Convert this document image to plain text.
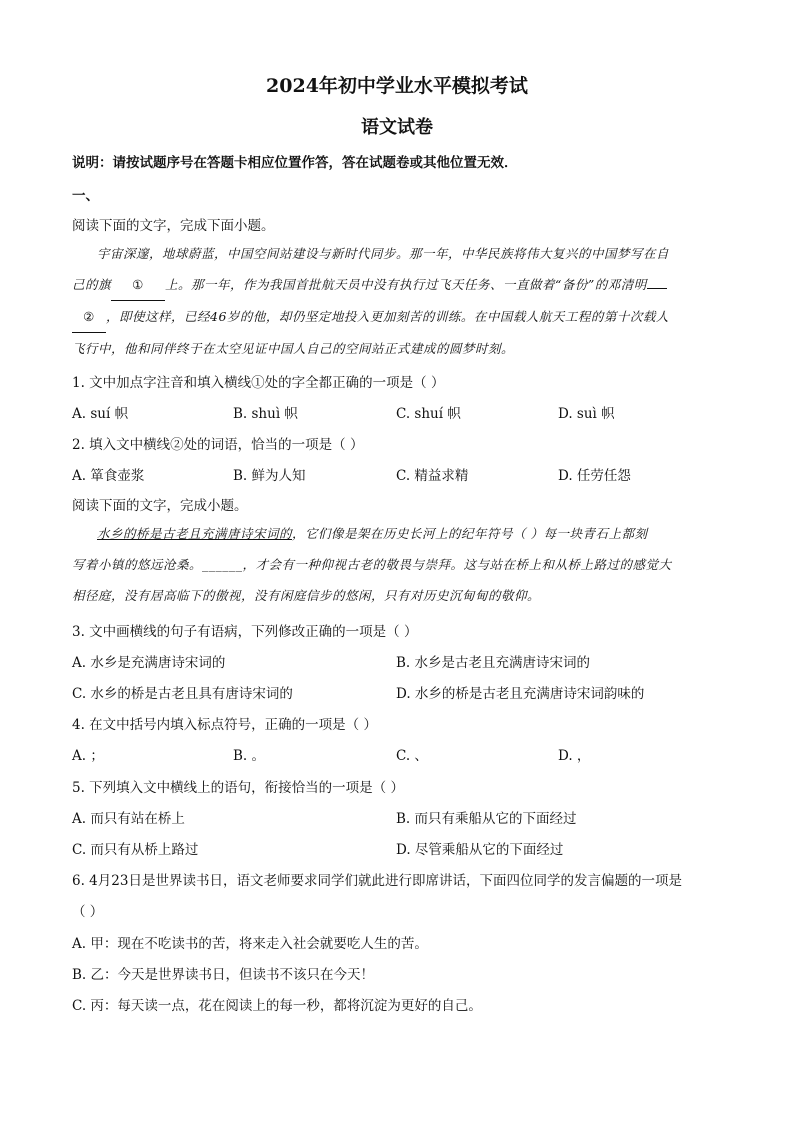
2024年初中学业水平模拟考试
语文试卷
说明：请按试题序号在答题卡相应位置作答，答在试题卷或其他位置无效．
一、
阅读下面的文字，完成下面小题。

宇宙深邃，地球蔚蓝，中国空间站建设与新时代同步。那一年，中华民族将伟大复兴的中国梦写在自

己的旗 ① 上。那一年，作为我国首批航天员中没有执行过飞天任务、一直做着“备份”的邓清明

② ，即使这样，已经46岁的他，却仍坚定地投入更加刻苦的训练。在中国载人航天工程的第十次载人

飞行中，他和同伴终于在太空见证中国人自己的空间站正式建成的圆梦时刻。

1. 文中加点字注音和填入横线①处的字全都正确的一项是（ ）
A. suí 帜	B. shuì 帜	C. shuí 帜	D. suì 帜
2. 填入文中横线②处的词语，恰当的一项是（ ）
A. 箪食壶浆	B. 鲜为人知	C. 精益求精	D. 任劳任怨
阅读下面的文字，完成小题。

水乡的桥是古老且充满唐诗宋词的，它们像是架在历史长河上的纪年符号（ ）每一块青石上都刻

写着小镇的悠远沧桑。______，才会有一种仰视古老的敬畏与崇拜。这与站在桥上和从桥上路过的感觉大

相径庭，没有居高临下的傲视，没有闲庭信步的悠闲，只有对历史沉甸甸的敬仰。

3. 文中画横线的句子有语病，下列修改正确的一项是（ ）
A. 水乡是充满唐诗宋词的	B. 水乡是古老且充满唐诗宋词的
C. 水乡的桥是古老且具有唐诗宋词的	D. 水乡的桥是古老且充满唐诗宋词韵味的
4. 在文中括号内填入标点符号，正确的一项是（ ）
A. ；	B. 。	C. 、	D. ，
5. 下列填入文中横线上的语句，衔接恰当的一项是（ ）
A. 而只有站在桥上	B. 而只有乘船从它的下面经过
C. 而只有从桥上路过	D. 尽管乘船从它的下面经过
6. 4月23日是世界读书日，语文老师要求同学们就此进行即席讲话，下面四位同学的发言偏题的一项是
（ ）
A. 甲：现在不吃读书的苦，将来走入社会就要吃人生的苦。
B. 乙：今天是世界读书日，但读书不该只在今天！
C. 丙：每天读一点，花在阅读上的每一秒，都将沉淀为更好的自己。
